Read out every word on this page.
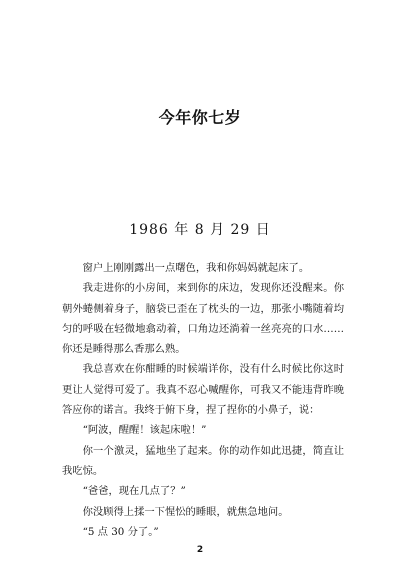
今年你七岁
1986 年 8 月 29 日

窗户上刚刚露出一点曙色，我和你妈妈就起床了。

我走进你的小房间，来到你的床边，发现你还没醒来。你朝外蜷侧着身子，脑袋已歪在了枕头的一边，那张小嘴随着均匀的呼吸在轻微地翕动着，口角边还淌着一丝亮亮的口水……你还是睡得那么香那么熟。

我总喜欢在你酣睡的时候端详你，没有什么时候比你这时更让人觉得可爱了。我真不忍心喊醒你，可我又不能违背昨晚答应你的诺言。我终于俯下身，捏了捏你的小鼻子，说：

“阿波，醒醒！该起床啦！”

你一个激灵，猛地坐了起来。你的动作如此迅捷，简直让我吃惊。

“爸爸，现在几点了？”

你没顾得上揉一下惺忪的睡眼，就焦急地问。

“5 点 30 分了。”

2
